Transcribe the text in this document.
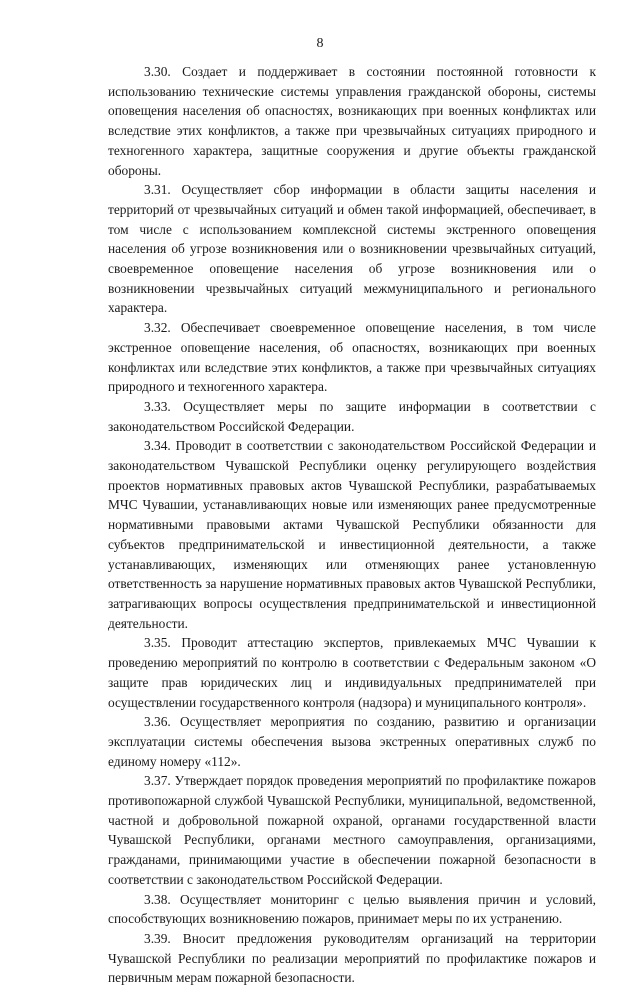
8

3.30. Создает и поддерживает в состоянии постоянной готовности к использованию технические системы управления гражданской обороны, системы оповещения населения об опасностях, возникающих при военных конфликтах или вследствие этих конфликтов, а также при чрезвычайных ситуациях природного и техногенного характера, защитные сооружения и другие объекты гражданской обороны.

3.31. Осуществляет сбор информации в области защиты населения и территорий от чрезвычайных ситуаций и обмен такой информацией, обеспечивает, в том числе с использованием комплексной системы экстренного оповещения населения об угрозе возникновения или о возникновении чрезвычайных ситуаций, своевременное оповещение населения об угрозе возникновения или о возникновении чрезвычайных ситуаций межмуниципального и регионального характера.

3.32. Обеспечивает своевременное оповещение населения, в том числе экстренное оповещение населения, об опасностях, возникающих при военных конфликтах или вследствие этих конфликтов, а также при чрезвычайных ситуациях природного и техногенного характера.

3.33. Осуществляет меры по защите информации в соответствии с законодательством Российской Федерации.

3.34. Проводит в соответствии с законодательством Российской Федерации и законодательством Чувашской Республики оценку регулирующего воздействия проектов нормативных правовых актов Чувашской Республики, разрабатываемых МЧС Чувашии, устанавливающих новые или изменяющих ранее предусмотренные нормативными правовыми актами Чувашской Республики обязанности для субъектов предпринимательской и инвестиционной деятельности, а также устанавливающих, изменяющих или отменяющих ранее установленную ответственность за нарушение нормативных правовых актов Чувашской Республики, затрагивающих вопросы осуществления предпринимательской и инвестиционной деятельности.

3.35. Проводит аттестацию экспертов, привлекаемых МЧС Чувашии к проведению мероприятий по контролю в соответствии с Федеральным законом «О защите прав юридических лиц и индивидуальных предпринимателей при осуществлении государственного контроля (надзора) и муниципального контроля».

3.36. Осуществляет мероприятия по созданию, развитию и организации эксплуатации системы обеспечения вызова экстренных оперативных служб по единому номеру «112».

3.37. Утверждает порядок проведения мероприятий по профилактике пожаров противопожарной службой Чувашской Республики, муниципальной, ведомственной, частной и добровольной пожарной охраной, органами государственной власти Чувашской Республики, органами местного самоуправления, организациями, гражданами, принимающими участие в обеспечении пожарной безопасности в соответствии с законодательством Российской Федерации.

3.38. Осуществляет мониторинг с целью выявления причин и условий, способствующих возникновению пожаров, принимает меры по их устранению.

3.39. Вносит предложения руководителям организаций на территории Чувашской Республики по реализации мероприятий по профилактике пожаров и первичным мерам пожарной безопасности.
